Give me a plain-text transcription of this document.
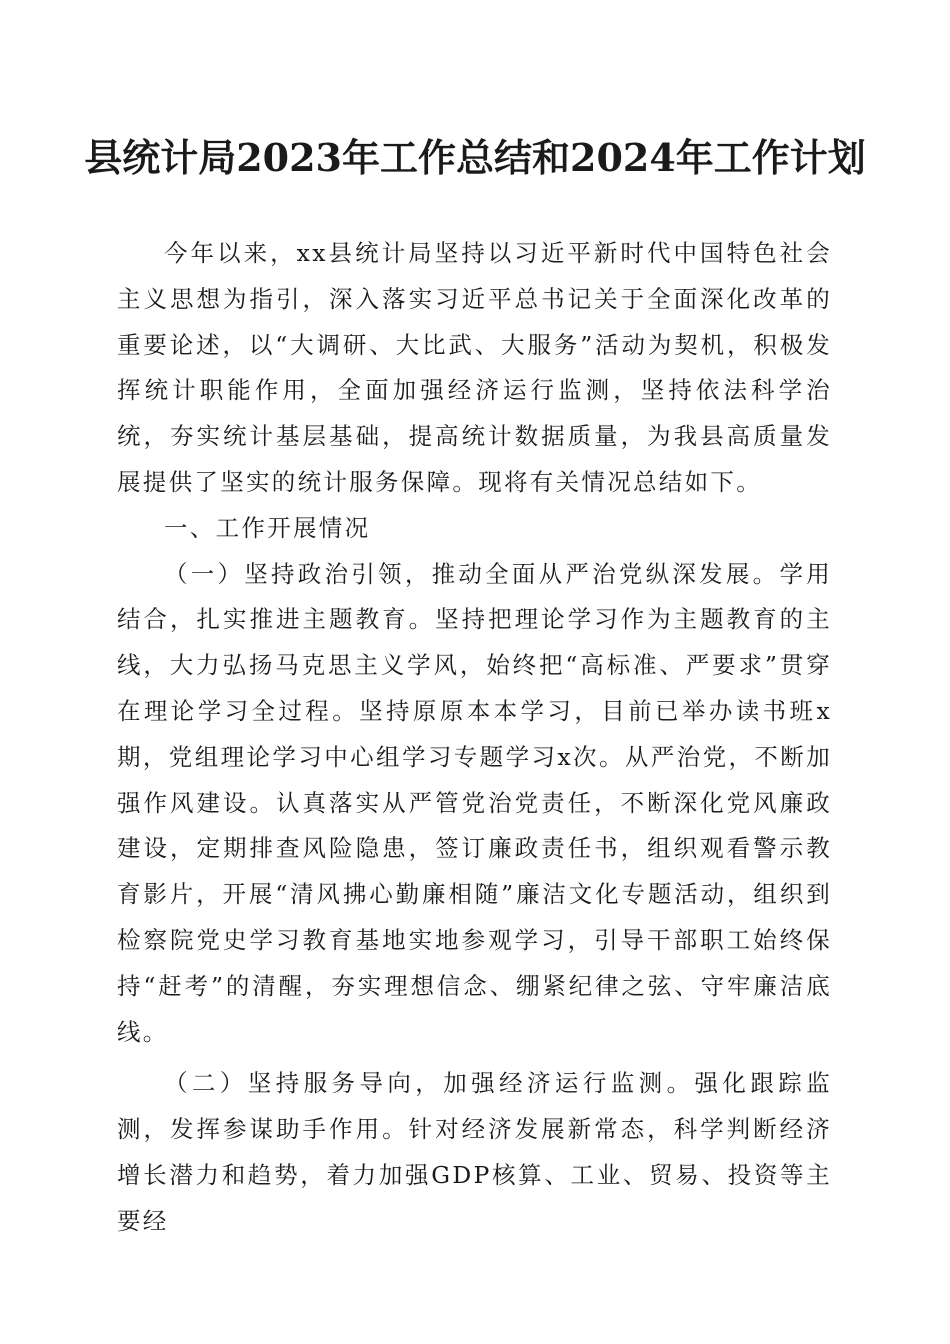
县统计局2023年工作总结和2024年工作计划

今年以来，xx县统计局坚持以习近平新时代中国特色社会主义思想为指引，深入落实习近平总书记关于全面深化改革的重要论述，以“大调研、大比武、大服务”活动为契机，积极发挥统计职能作用，全面加强经济运行监测，坚持依法科学治统，夯实统计基层基础，提高统计数据质量，为我县高质量发展提供了坚实的统计服务保障。现将有关情况总结如下。

一、工作开展情况

（一）坚持政治引领，推动全面从严治党纵深发展。学用结合，扎实推进主题教育。坚持把理论学习作为主题教育的主线，大力弘扬马克思主义学风，始终把“高标准、严要求”贯穿在理论学习全过程。坚持原原本本学习，目前已举办读书班x期，党组理论学习中心组学习专题学习x次。从严治党，不断加强作风建设。认真落实从严管党治党责任，不断深化党风廉政建设，定期排查风险隐患，签订廉政责任书，组织观看警示教育影片，开展“清风拂心勤廉相随”廉洁文化专题活动，组织到检察院党史学习教育基地实地参观学习，引导干部职工始终保持“赶考”的清醒，夯实理想信念、绷紧纪律之弦、守牢廉洁底线。

（二）坚持服务导向，加强经济运行监测。强化跟踪监测，发挥参谋助手作用。针对经济发展新常态，科学判断经济增长潜力和趋势，着力加强GDP核算、工业、贸易、投资等主要经
